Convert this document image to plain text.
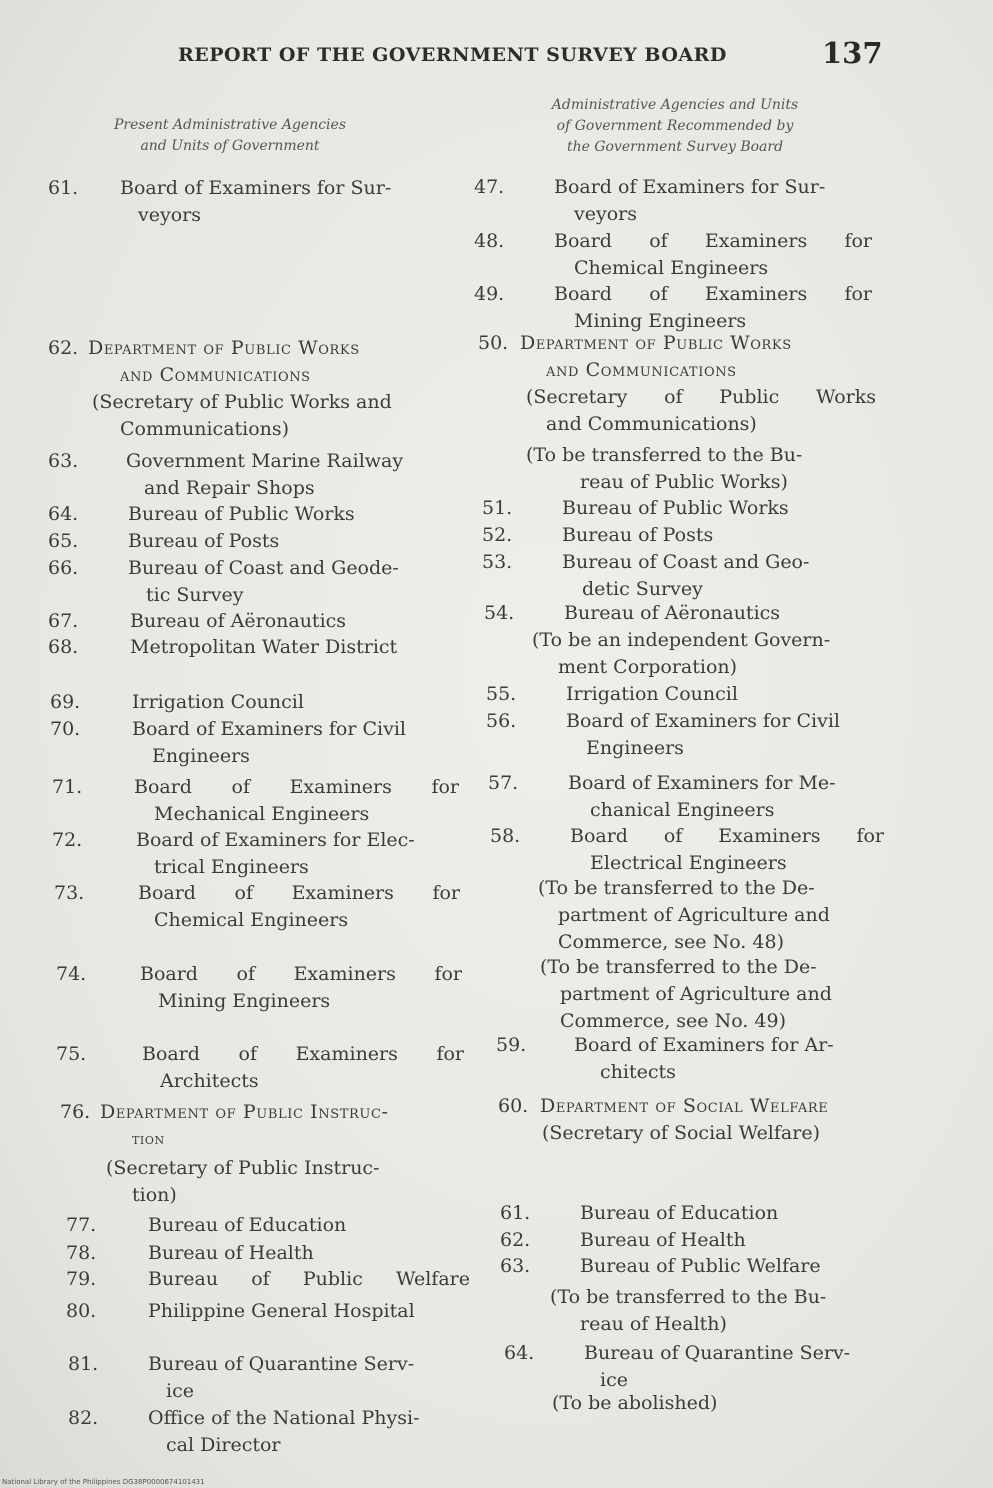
REPORT OF THE GOVERNMENT SURVEY BOARD	137
Present Administrative Agencies
and Units of Government
Administrative Agencies and Units
of Government Recommended by
the Government Survey Board
61. Board of Examiners for Sur-
veyors
62. Department of Public Works
and Communications
(Secretary of Public Works and
Communications)
63.	Government Marine Railway
and Repair Shops
64.	Bureau of Public Works
65.	Bureau of Posts
66.	Bureau of Coast and Geode-
tic Survey
67.	Bureau of Aëronautics
68.	Metropolitan Water District
69.	Irrigation Council
70.	Board of Examiners for Civil
Engineers
71.	Board of Examiners for
Mechanical Engineers
72.	Board of Examiners for Elec-
trical Engineers
73.	Board of Examiners for
Chemical Engineers
74.	Board of Examiners for
Mining Engineers
75.	Board of Examiners for
Architects
76. Department of Public Instruc-
tion
(Secretary of Public Instruc-
tion)
77.	Bureau of Education
78.	Bureau of Health
79.	Bureau of Public Welfare
80.	Philippine General Hospital
81.	Bureau of Quarantine Serv-
ice
82.	Office of the National Physi-
cal Director
47.	Board of Examiners for Sur-
veyors
48.	Board of Examiners for
Chemical Engineers
49.	Board of Examiners for
Mining Engineers
50. Department of Public Works
and Communications
(Secretary of Public Works
and Communications)
(To be transferred to the Bu-
reau of Public Works)
51.	Bureau of Public Works
52.	Bureau of Posts
53.	Bureau of Coast and Geo-
detic Survey
54.	Bureau of Aëronautics
(To be an independent Govern-
ment Corporation)
55.	Irrigation Council
56.	Board of Examiners for Civil
Engineers
57.	Board of Examiners for Me-
chanical Engineers
58.	Board of Examiners for
Electrical Engineers
(To be transferred to the De-
partment of Agriculture and
Commerce, see No. 48)
(To be transferred to the De-
partment of Agriculture and
Commerce, see No. 49)
59.	Board of Examiners for Ar-
chitects
60. Department of Social Welfare
(Secretary of Social Welfare)
61.	Bureau of Education
62.	Bureau of Health
63.	Bureau of Public Welfare
(To be transferred to the Bu-
reau of Health)
64.	Bureau of Quarantine Serv-
ice
(To be abolished)
National Library of the Philippines DG38P0000674101431
